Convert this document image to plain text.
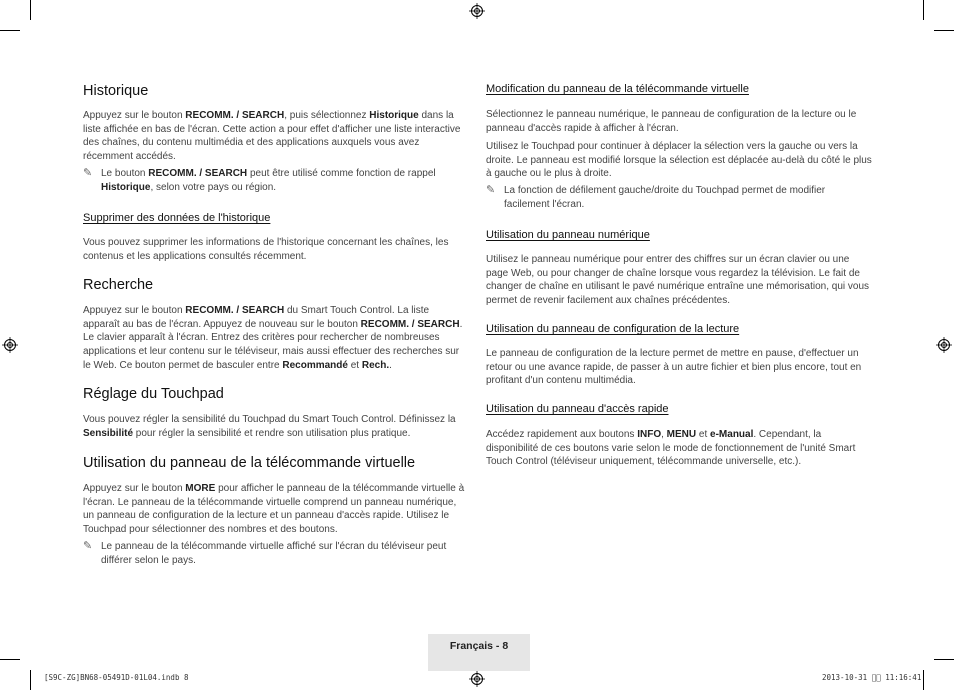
Historique

Appuyez sur le bouton RECOMM. / SEARCH, puis sélectionnez Historique dans la liste affichée en bas de l'écran. Cette action a pour effet d'afficher une liste interactive des chaînes, du contenu multimédia et des applications auxquels vous avez récemment accédés.

✎ Le bouton RECOMM. / SEARCH peut être utilisé comme fonction de rappel Historique, selon votre pays ou région.

Supprimer des données de l'historique

Vous pouvez supprimer les informations de l'historique concernant les chaînes, les contenus et les applications consultés récemment.

Recherche

Appuyez sur le bouton RECOMM. / SEARCH du Smart Touch Control. La liste apparaît au bas de l'écran. Appuyez de nouveau sur le bouton RECOMM. / SEARCH. Le clavier apparaît à l'écran. Entrez des critères pour rechercher de nombreuses applications et leur contenu sur le téléviseur, mais aussi effectuer des recherches sur le Web. Ce bouton permet de basculer entre Recommandé et Rech..

Réglage du Touchpad

Vous pouvez régler la sensibilité du Touchpad du Smart Touch Control. Définissez la Sensibilité pour régler la sensibilité et rendre son utilisation plus pratique.

Utilisation du panneau de la télécommande virtuelle

Appuyez sur le bouton MORE pour afficher le panneau de la télécommande virtuelle à l'écran. Le panneau de la télécommande virtuelle comprend un panneau numérique, un panneau de configuration de la lecture et un panneau d'accès rapide. Utilisez le Touchpad pour sélectionner des nombres et des boutons.

✎ Le panneau de la télécommande virtuelle affiché sur l'écran du téléviseur peut différer selon le pays.

Modification du panneau de la télécommande virtuelle

Sélectionnez le panneau numérique, le panneau de configuration de la lecture ou le panneau d'accès rapide à afficher à l'écran.

Utilisez le Touchpad pour continuer à déplacer la sélection vers la gauche ou vers la droite. Le panneau est modifié lorsque la sélection est déplacée au-delà du côté le plus à gauche ou le plus à droite.

✎ La fonction de défilement gauche/droite du Touchpad permet de modifier facilement l'écran.

Utilisation du panneau numérique

Utilisez le panneau numérique pour entrer des chiffres sur un écran clavier ou une page Web, ou pour changer de chaîne lorsque vous regardez la télévision. Le fait de changer de chaîne en utilisant le pavé numérique entraîne une mémorisation, qui vous permet de revenir facilement aux chaînes précédentes.

Utilisation du panneau de configuration de la lecture

Le panneau de configuration de la lecture permet de mettre en pause, d'effectuer un retour ou une avance rapide, de passer à un autre fichier et bien plus encore, tout en profitant d'un contenu multimédia.

Utilisation du panneau d'accès rapide

Accédez rapidement aux boutons INFO, MENU et e-Manual. Cependant, la disponibilité de ces boutons varie selon le mode de fonctionnement de l'unité Smart Touch Control (téléviseur uniquement, télécommande universelle, etc.).

Français - 8
[S9C-ZG]BN68-05491D-01L04.indb 8	2013-10-31 ￿￿ 11:16:41
